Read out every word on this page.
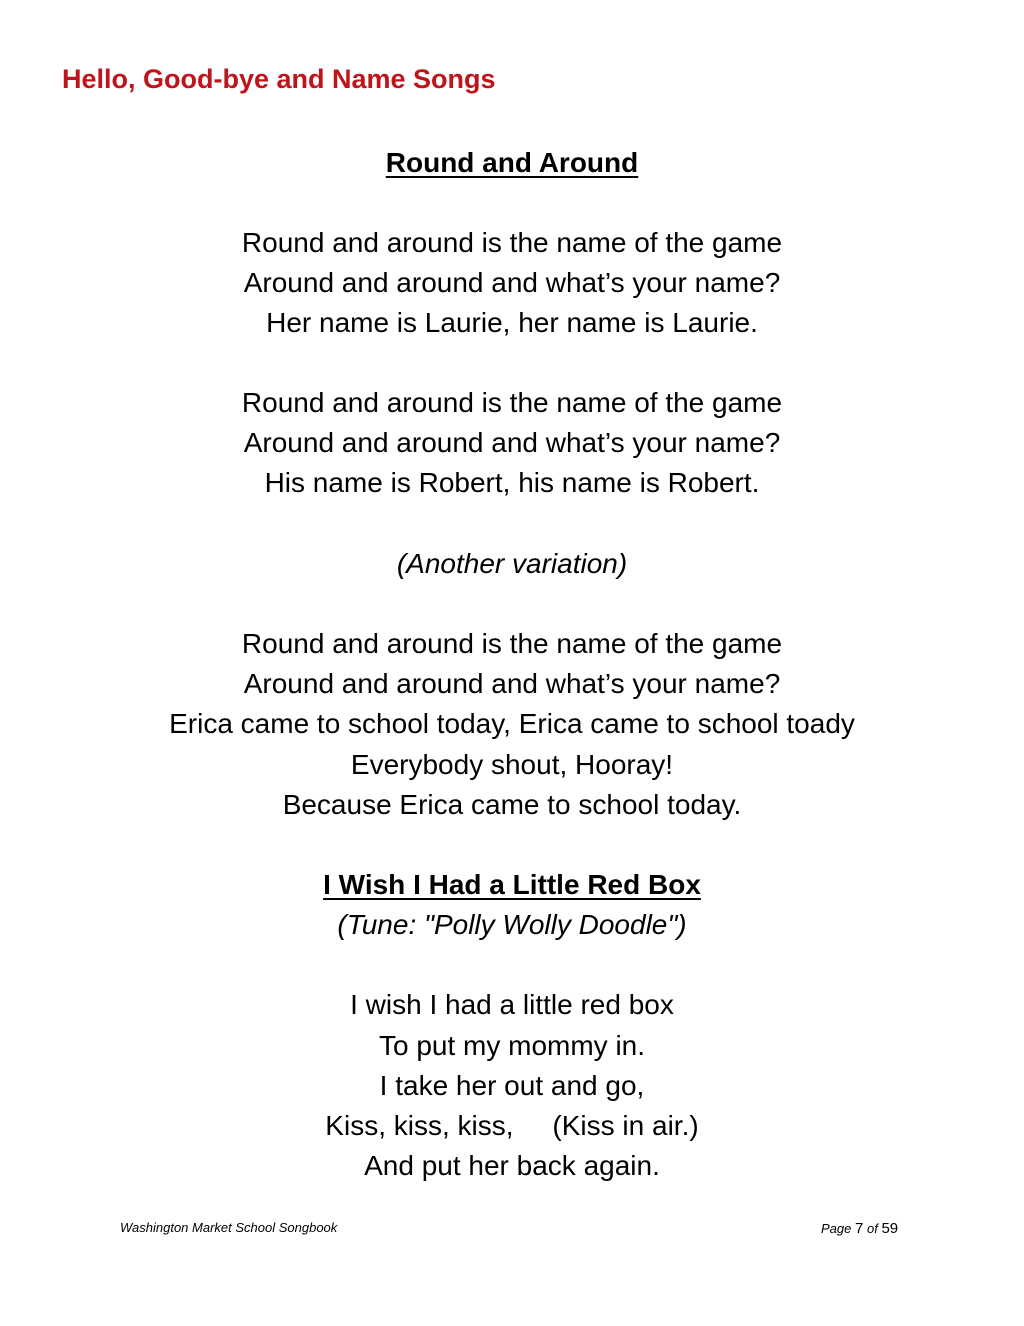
Hello, Good-bye and Name Songs

Round and Around

Round and around is the name of the game

Around and around and what’s your name?

Her name is Laurie, her name is Laurie.

Round and around is the name of the game

Around and around and what’s your name?

His name is Robert, his name is Robert.

(Another variation)

Round and around is the name of the game

Around and around and what’s your name?

Erica came to school today, Erica came to school toady

Everybody shout, Hooray!

Because Erica came to school today.

I Wish I Had a Little Red Box

(Tune: "Polly Wolly Doodle")

I wish I had a little red box

To put my mommy in.

I take her out and go,

Kiss, kiss, kiss,     (Kiss in air.)

And put her back again.

Washington Market School Songbook	Page 7 of 59
